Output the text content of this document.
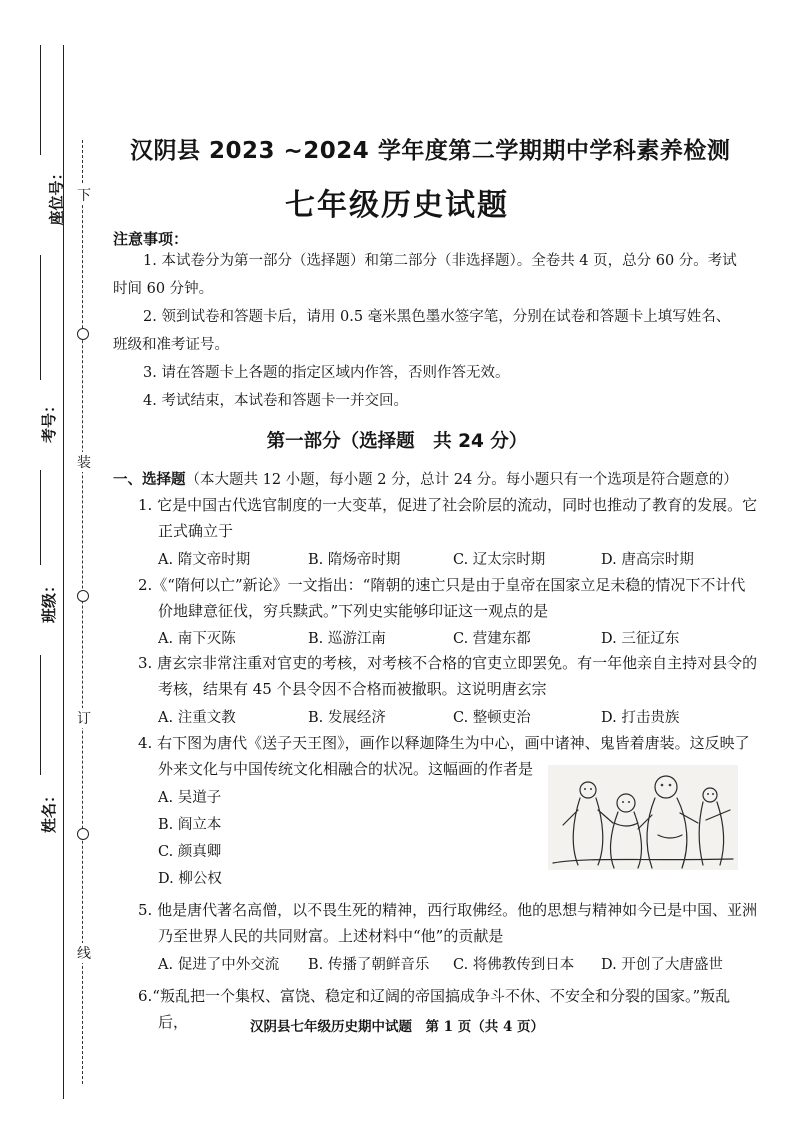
下
装
订
线
座位号：
考号：
班级：
姓名：
汉阴县 2023 ~2024 学年度第二学期期中学科素养检测
七年级历史试题
注意事项：
1. 本试卷分为第一部分（选择题）和第二部分（非选择题）。全卷共 4 页，总分 60 分。考试时间 60 分钟。
2. 领到试卷和答题卡后，请用 0.5 毫米黑色墨水签字笔，分别在试卷和答题卡上填写姓名、班级和准考证号。
3. 请在答题卡上各题的指定区域内作答，否则作答无效。
4. 考试结束，本试卷和答题卡一并交回。
第一部分（选择题　共 24 分）
一、选择题（本大题共 12 小题，每小题 2 分，总计 24 分。每小题只有一个选项是符合题意的）
1. 它是中国古代选官制度的一大变革，促进了社会阶层的流动，同时也推动了教育的发展。它正式确立于
A. 隋文帝时期	B. 隋炀帝时期	C. 辽太宗时期	D. 唐高宗时期
2.《“隋何以亡”新论》一文指出：“隋朝的速亡只是由于皇帝在国家立足未稳的情况下不计代价地肆意征伐，穷兵黩武。”下列史实能够印证这一观点的是
A. 南下灭陈	B. 巡游江南	C. 营建东都	D. 三征辽东
3. 唐玄宗非常注重对官吏的考核，对考核不合格的官吏立即罢免。有一年他亲自主持对县令的考核，结果有 45 个县令因不合格而被撤职。这说明唐玄宗
A. 注重文教	B. 发展经济	C. 整顿吏治	D. 打击贵族
4. 右下图为唐代《送子天王图》，画作以释迦降生为中心，画中诸神、鬼皆着唐装。这反映了外来文化与中国传统文化相融合的状况。这幅画的作者是
A. 吴道子
B. 阎立本
C. 颜真卿
D. 柳公权
5. 他是唐代著名高僧，以不畏生死的精神，西行取佛经。他的思想与精神如今已是中国、亚洲乃至世界人民的共同财富。上述材料中“他”的贡献是
A. 促进了中外交流 B. 传播了朝鲜音乐 C. 将佛教传到日本 D. 开创了大唐盛世
6.“叛乱把一个集权、富饶、稳定和辽阔的帝国搞成争斗不休、不安全和分裂的国家。”叛乱后，	汉阴县七年级历史期中试题　第 1 页（共 4 页）
